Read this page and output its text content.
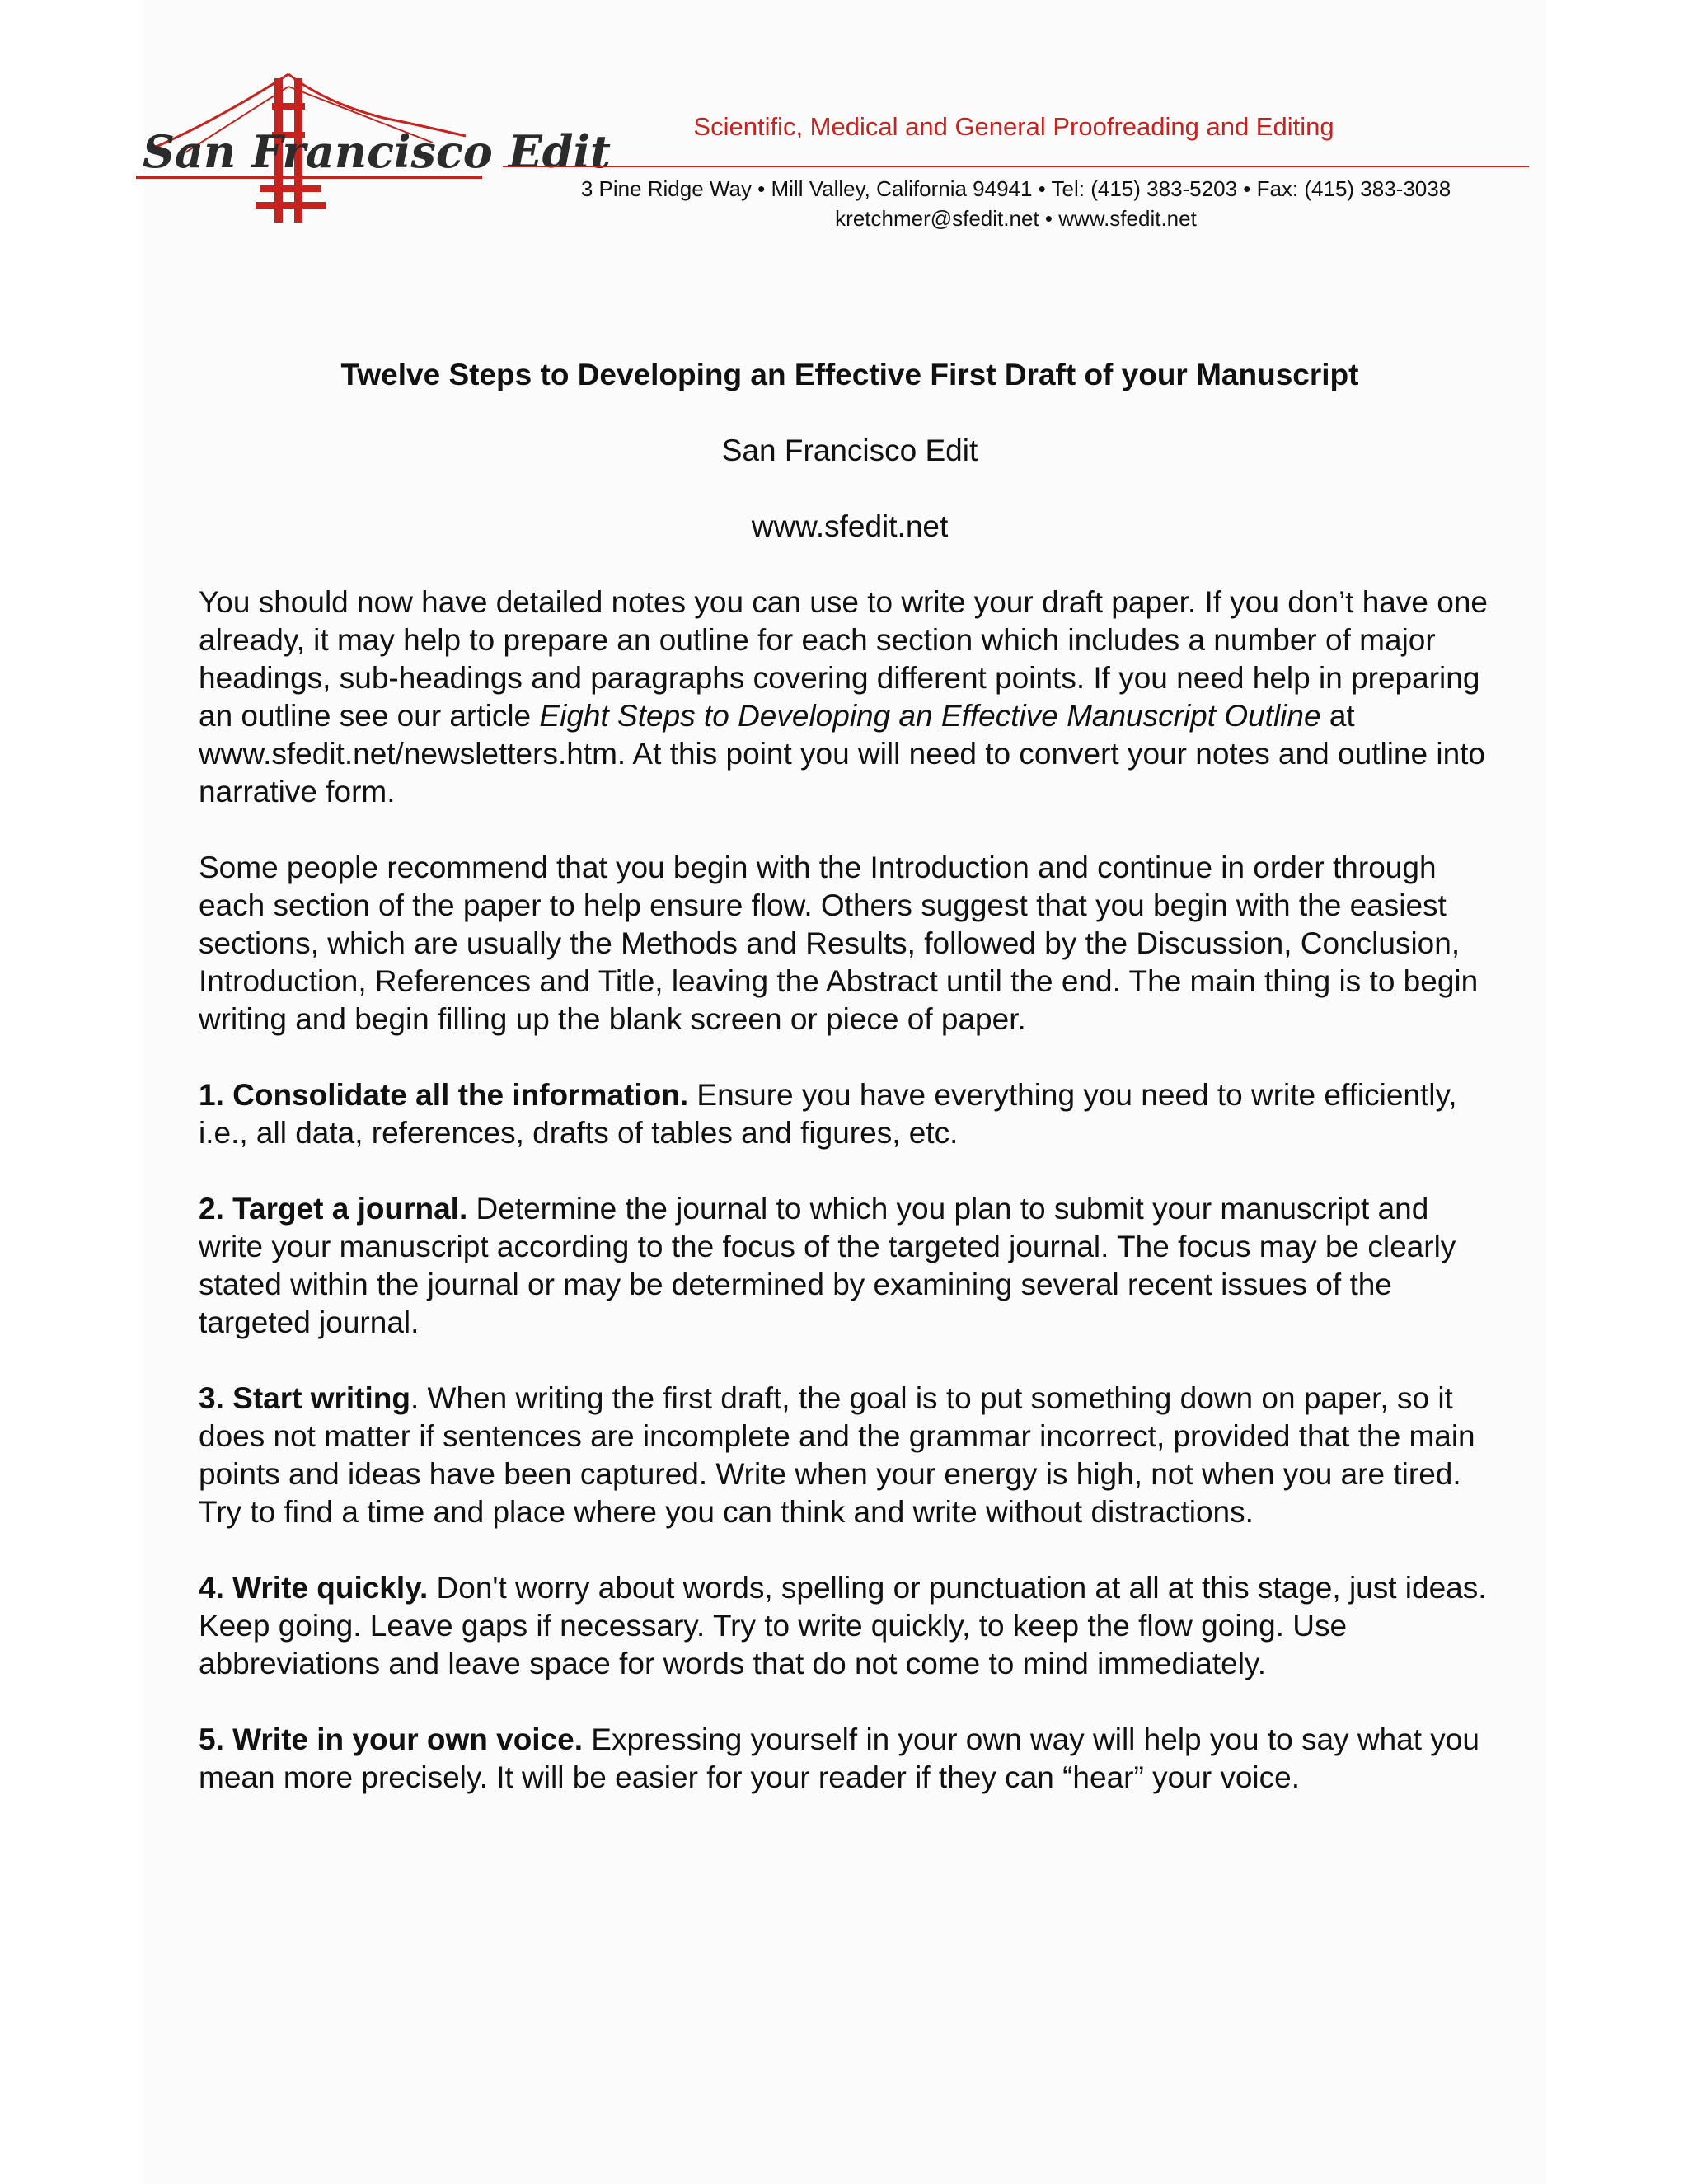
San Francisco Edit	Scientific, Medical and General Proofreading and Editing
3 Pine Ridge Way • Mill Valley, California 94941 • Tel: (415) 383-5203 • Fax: (415) 383-3038
kretchmer@sfedit.net • www.sfedit.net
Twelve Steps to Developing an Effective First Draft of your Manuscript
San Francisco Edit
www.sfedit.net

You should now have detailed notes you can use to write your draft paper. If you don’t have one already, it may help to prepare an outline for each section which includes a number of major headings, sub-headings and paragraphs covering different points. If you need help in preparing an outline see our article Eight Steps to Developing an Effective Manuscript Outline at www.sfedit.net/newsletters.htm. At this point you will need to convert your notes and outline into narrative form.

Some people recommend that you begin with the Introduction and continue in order through each section of the paper to help ensure flow. Others suggest that you begin with the easiest sections, which are usually the Methods and Results, followed by the Discussion, Conclusion, Introduction, References and Title, leaving the Abstract until the end. The main thing is to begin writing and begin filling up the blank screen or piece of paper.

1. Consolidate all the information. Ensure you have everything you need to write efficiently, i.e., all data, references, drafts of tables and figures, etc.

2. Target a journal. Determine the journal to which you plan to submit your manuscript and write your manuscript according to the focus of the targeted journal. The focus may be clearly stated within the journal or may be determined by examining several recent issues of the targeted journal.

3. Start writing. When writing the first draft, the goal is to put something down on paper, so it does not matter if sentences are incomplete and the grammar incorrect, provided that the main points and ideas have been captured. Write when your energy is high, not when you are tired. Try to find a time and place where you can think and write without distractions.

4. Write quickly. Don't worry about words, spelling or punctuation at all at this stage, just ideas. Keep going. Leave gaps if necessary. Try to write quickly, to keep the flow going. Use abbreviations and leave space for words that do not come to mind immediately.

5. Write in your own voice. Expressing yourself in your own way will help you to say what you mean more precisely. It will be easier for your reader if they can “hear” your voice.
